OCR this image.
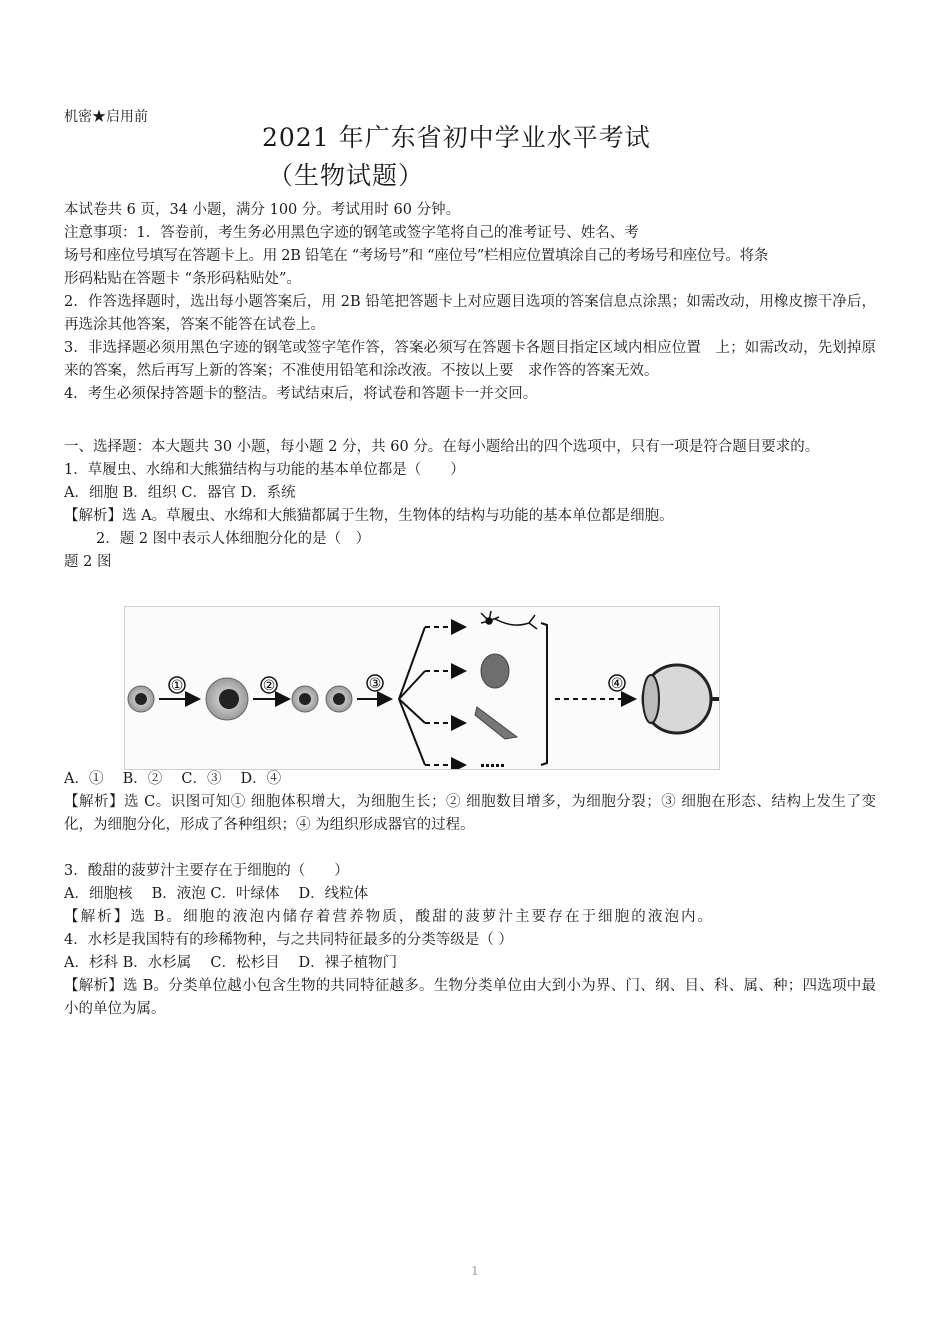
机密★启用前
2021 年广东省初中学业水平考试
（生物试题）
本试卷共 6 页，34 小题，满分 100 分。考试用时 60 分钟。
注意事项：1．答卷前，考生务必用黑色字迹的钢笔或签字笔将自己的准考证号、姓名、考
场号和座位号填写在答题卡上。用 2B 铅笔在 “考场号”和 “座位号”栏相应位置填涂自己的考场号和座位号。将条
形码粘贴在答题卡 “条形码粘贴处”。
2．作答选择题时，选出每小题答案后，用 2B 铅笔把答题卡上对应题目选项的答案信息点涂黑；如需改动，用橡皮擦干净后，再选涂其他答案，答案不能答在试卷上。
3．非选择题必须用黑色字迹的钢笔或签字笔作答，答案必须写在答题卡各题目指定区域内相应位置　上；如需改动，先划掉原来的答案，然后再写上新的答案；不准使用铅笔和涂改液。不按以上要　求作答的答案无效。
4．考生必须保持答题卡的整洁。考试结束后，将试卷和答题卡一并交回。
一、选择题：本大题共 30 小题，每小题 2 分，共 60 分。在每小题给出的四个选项中，只有一项是符合题目要求的。
1．草履虫、水绵和大熊猫结构与功能的基本单位都是（　　）
A．细胞 B．组织 C．器官 D．系统
【解析】选 A。草履虫、水绵和大熊猫都属于生物，生物体的结构与功能的基本单位都是细胞。
2．题 2 图中表示人体细胞分化的是（　）
题 2 图
①	②	③	④
A．①　 B．②　 C．③　 D．④
【解析】选 C。识图可知① 细胞体积增大，为细胞生长；② 细胞数目增多，为细胞分裂；③ 细胞在形态、结构上发生了变化，为细胞分化，形成了各种组织；④ 为组织形成器官的过程。
3．酸甜的菠萝汁主要存在于细胞的（　　）
A．细胞核　 B．液泡 C．叶绿体　 D．线粒体
【解析】选 B。细胞的液泡内储存着营养物质，酸甜的菠萝汁主要存在于细胞的液泡内。
4．水杉是我国特有的珍稀物种，与之共同特征最多的分类等级是（ ）
A．杉科 B．水杉属　 C．松杉目　 D．裸子植物门
【解析】选 B。分类单位越小包含生物的共同特征越多。生物分类单位由大到小为界、门、纲、目、科、属、种；四选项中最小的单位为属。
1
